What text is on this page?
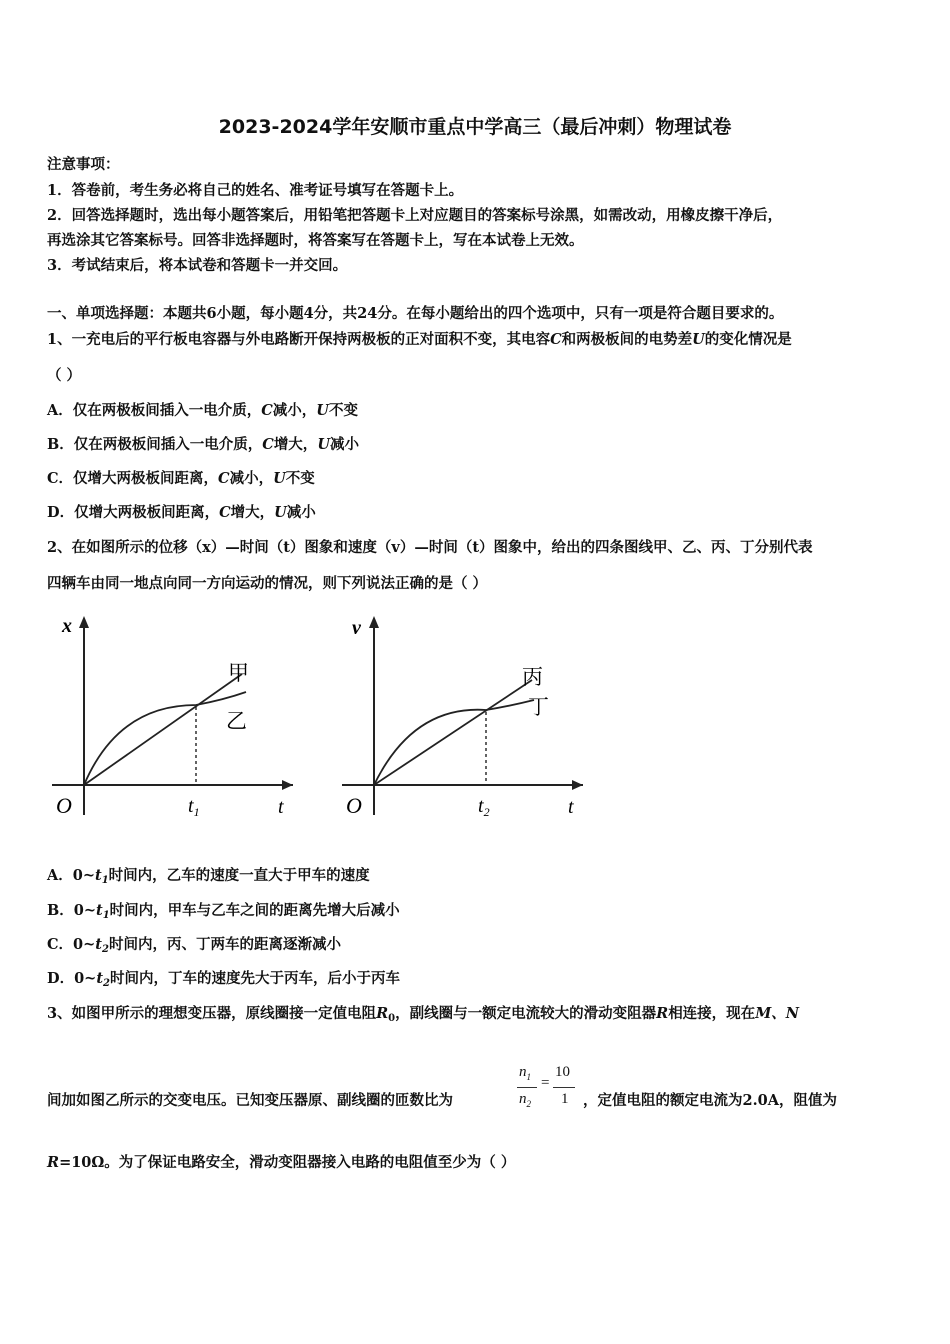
2023-2024学年安顺市重点中学高三（最后冲刺）物理试卷
注意事项：
1．答卷前，考生务必将自己的姓名、准考证号填写在答题卡上。
2．回答选择题时，选出每小题答案后，用铅笔把答题卡上对应题目的答案标号涂黑，如需改动，用橡皮擦干净后，
再选涂其它答案标号。回答非选择题时，将答案写在答题卡上，写在本试卷上无效。
3．考试结束后，将本试卷和答题卡一并交回。
一、单项选择题：本题共6小题，每小题4分，共24分。在每小题给出的四个选项中，只有一项是符合题目要求的。
1、一充电后的平行板电容器与外电路断开保持两极板的正对面积不变，其电容C和两极板间的电势差U的变化情况是
（ ）
A．仅在两极板间插入一电介质，C减小，U不变
B．仅在两极板间插入一电介质，C增大，U减小
C．仅增大两极板间距离，C减小，U不变
D．仅增大两极板间距离，C增大，U减小
2、在如图所示的位移（x）—时间（t）图象和速度（v）—时间（t）图象中，给出的四条图线甲、乙、丙、丁分别代表
四辆车由同一地点向同一方向运动的情况，则下列说法正确的是（ ）
x
O	t
$t_1$
甲
乙
v
O	t
$t_2$
丙
丁
A．$0\sim t_1$时间内，乙车的速度一直大于甲车的速度
B．$0\sim t_1$时间内，甲车与乙车之间的距离先增大后减小
C．$0\sim t_2$时间内，丙、丁两车的距离逐渐减小
D．$0\sim t_2$时间内，丁车的速度先大于丙车，后小于丙车
3、如图甲所示的理想变压器，原线圈接一定值电阻$R_0$，副线圈与一额定电流较大的滑动变阻器R相连接，现在M、N
间加如图乙所示的交变电压。已知变压器原、副线圈的匝数比为
$n_1$
$n_2$
=
10
1 ，定值电阻的额定电流为2.0A，阻值为
R=10Ω。为了保证电路安全，滑动变阻器接入电路的电阻值至少为（ ）
